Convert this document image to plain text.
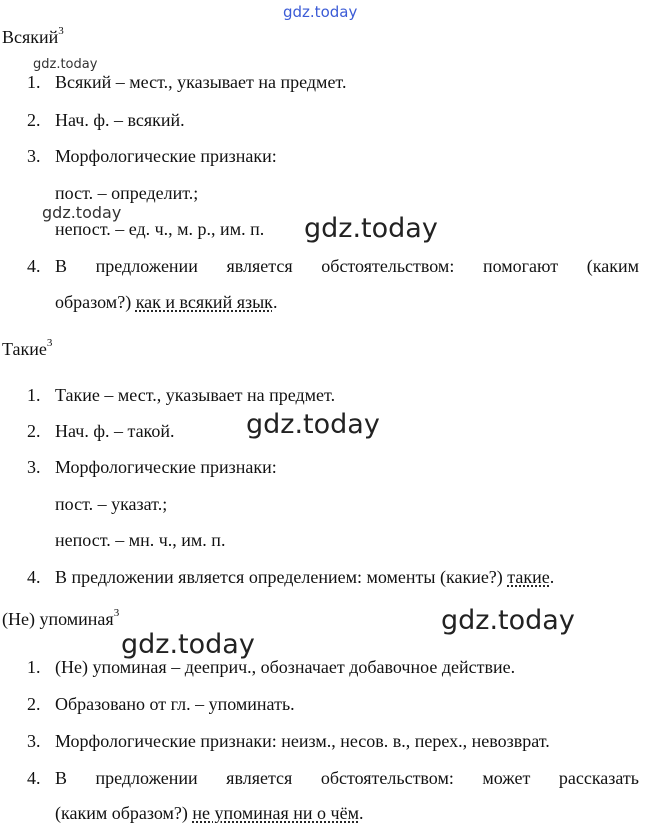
gdz.today
gdz.today
gdz.today
gdz.today
gdz.today
gdz.today
gdz.today
Всякий$^3$
1. Всякий – мест., указывает на предмет.
2. Нач. ф. – всякий.
3. Морфологические признаки:
пост. – определит.;
непост. – ед. ч., м. р., им. п.
4. В предложении является обстоятельством: помогают (каким
образом?) как и всякий язык.
Такие$^3$
1. Такие – мест., указывает на предмет.
2. Нач. ф. – такой.
3. Морфологические признаки:
пост. – указат.;
непост. – мн. ч., им. п.
4. В предложении является определением: моменты (какие?) такие.
(Не) упоминая$^3$
1. (Не) упоминая – дееприч., обозначает добавочное действие.
2. Образовано от гл. – упоминать.
3. Морфологические признаки: неизм., несов. в., перех., невозврат.
4. В предложении является обстоятельством: может рассказать
(каким образом?) не упоминая ни о чём.
